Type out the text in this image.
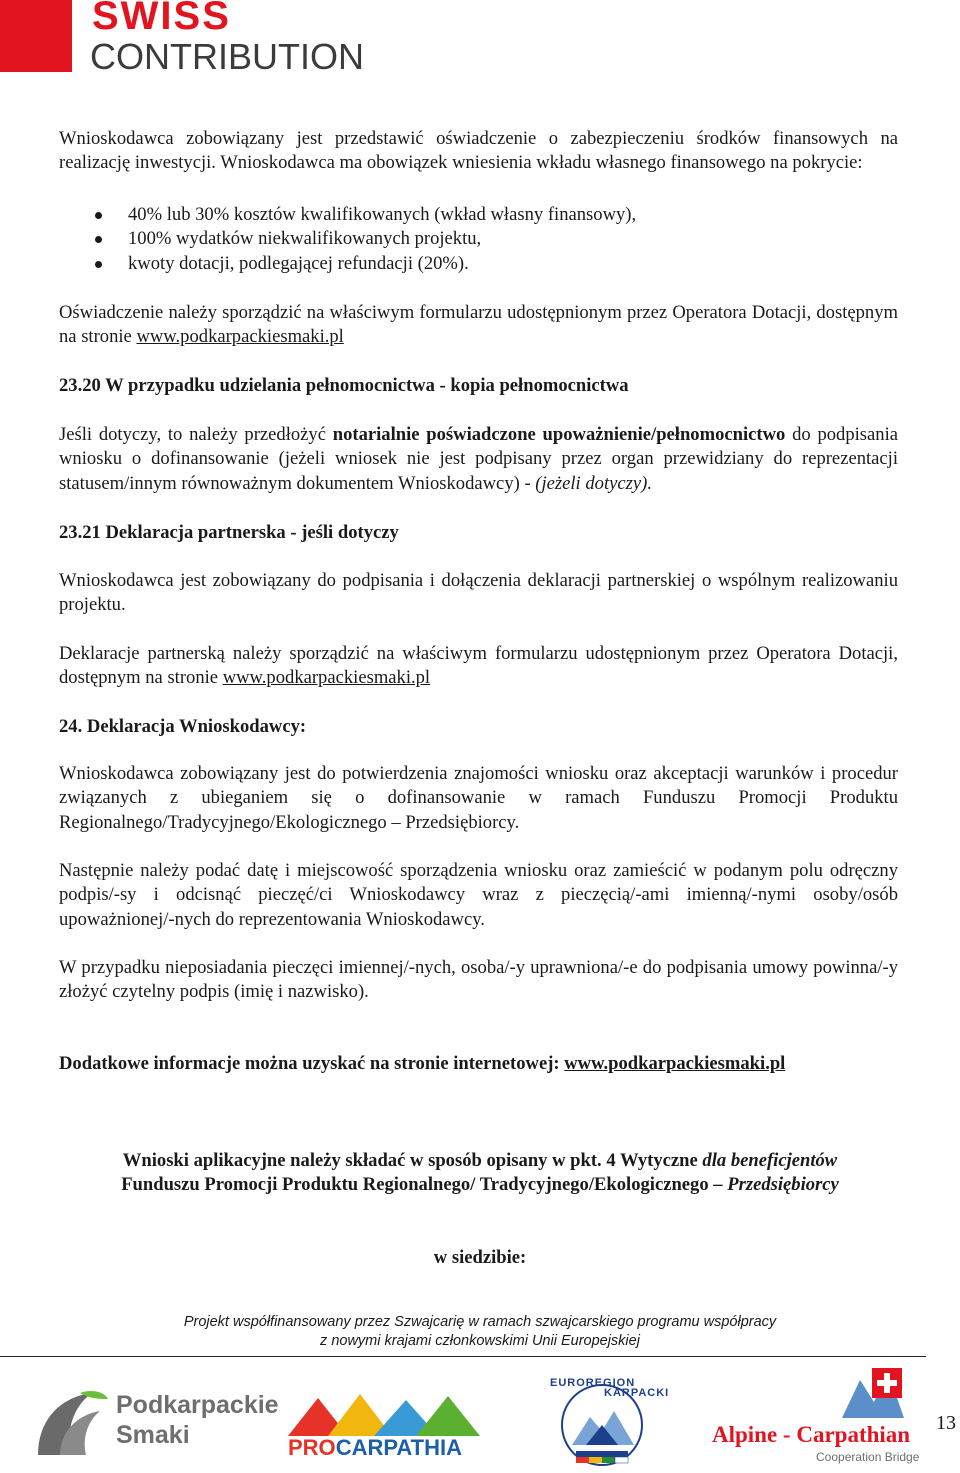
SWISS
CONTRIBUTION

Wnioskodawca zobowiązany jest przedstawić oświadczenie o zabezpieczeniu środków finansowych na realizację inwestycji. Wnioskodawca ma obowiązek wniesienia wkładu własnego finansowego na pokrycie:

40% lub 30% kosztów kwalifikowanych (wkład własny finansowy),
100% wydatków niekwalifikowanych projektu,
kwoty dotacji, podlegającej refundacji (20%).

Oświadczenie należy sporządzić na właściwym formularzu udostępnionym przez Operatora Dotacji, dostępnym na stronie www.podkarpackiesmaki.pl

23.20 W przypadku udzielania pełnomocnictwa - kopia pełnomocnictwa

Jeśli dotyczy, to należy przedłożyć notarialnie poświadczone upoważnienie/pełnomocnictwo do podpisania wniosku o dofinansowanie (jeżeli wniosek nie jest podpisany przez organ przewidziany do reprezentacji statusem/innym równoważnym dokumentem Wnioskodawcy) - (jeżeli dotyczy).

23.21 Deklaracja partnerska - jeśli dotyczy

Wnioskodawca jest zobowiązany do podpisania i dołączenia deklaracji partnerskiej o wspólnym realizowaniu projektu.

Deklaracje partnerską należy sporządzić na właściwym formularzu udostępnionym przez Operatora Dotacji, dostępnym na stronie www.podkarpackiesmaki.pl

24. Deklaracja Wnioskodawcy:

Wnioskodawca zobowiązany jest do potwierdzenia znajomości wniosku oraz akceptacji warunków i procedur związanych z ubieganiem się o dofinansowanie w ramach Funduszu Promocji Produktu Regionalnego/Tradycyjnego/Ekologicznego – Przedsiębiorcy.

Następnie należy podać datę i miejscowość sporządzenia wniosku oraz zamieścić w podanym polu odręczny podpis/-sy i odcisnąć pieczęć/ci Wnioskodawcy wraz z pieczęcią/-ami imienną/-nymi osoby/osób upoważnionej/-nych do reprezentowania Wnioskodawcy.

W przypadku nieposiadania pieczęci imiennej/-nych, osoba/-y uprawniona/-e do podpisania umowy powinna/-y złożyć czytelny podpis (imię i nazwisko).

Dodatkowe informacje można uzyskać na stronie internetowej: www.podkarpackiesmaki.pl

Wnioski aplikacyjne należy składać w sposób opisany w pkt. 4 Wytyczne dla beneficjentów

Funduszu Promocji Produktu Regionalnego/ Tradycyjnego/Ekologicznego – Przedsiębiorcy

w siedzibie:

Projekt współfinansowany przez Szwajcarię w ramach szwajcarskiego programu współpracy
z nowymi krajami członkowskimi Unii Europejskiej
Podkarpackie
Smaki	PROCARPATHIA
EUROREGION
KARPACKI
Alpine - Carpathian
Cooperation Bridge
13
